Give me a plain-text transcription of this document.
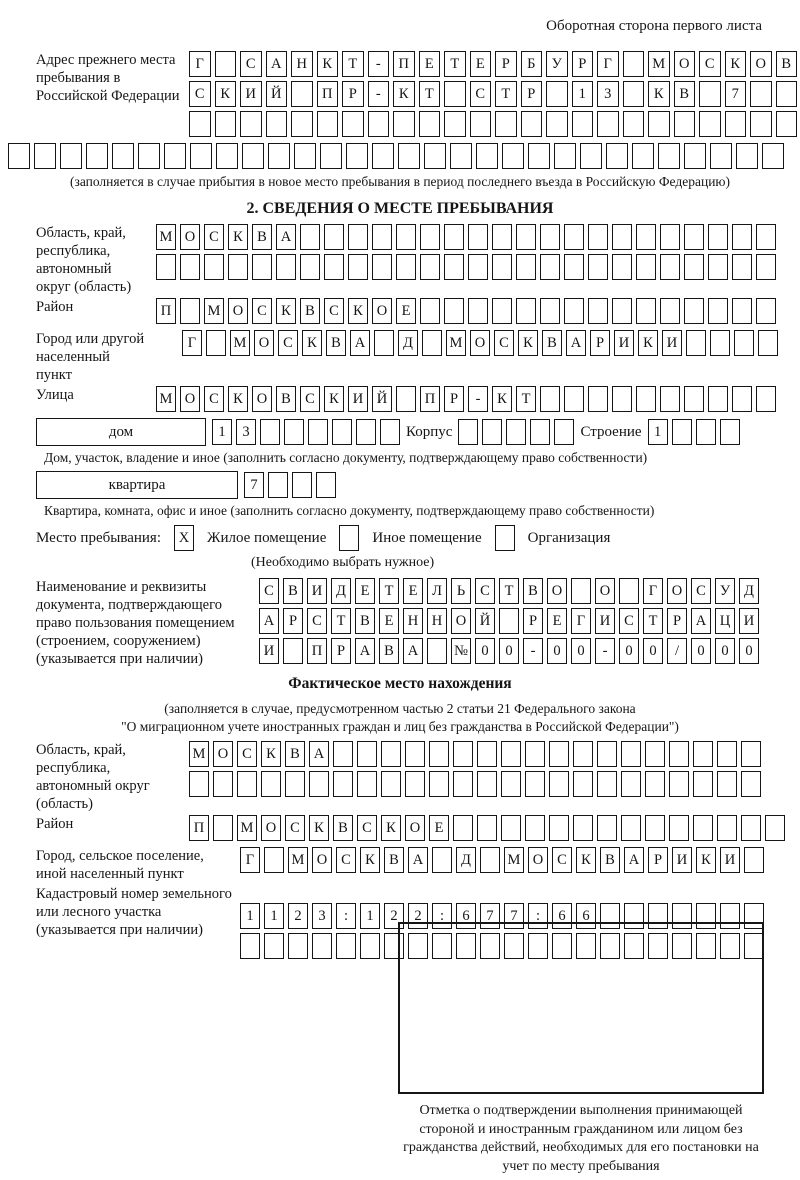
Оборотная сторона первого листа
Адрес прежнего места пребывания в Российской Федерации
Г	С	А	Н	К	Т	-	П	Е	Т	Е	Р	Б	У	Р	Г	М О	С	К	О	В
С	К	И	Й	П	Р	-	К	Т	С	Т	Р	1	3	К	В	7
(заполняется в случае прибытия в новое место пребывания в период последнего въезда в Российскую Федерацию)
2. СВЕДЕНИЯ О МЕСТЕ ПРЕБЫВАНИЯ
Область, край, республика, автономный округ (область)
М О С К В А
Район	П	М О С К В С К О Е
Город или другой населенный пункт
Г	М О С К В А	Д	М О С К В А	Р	И К И
Улица	М О С К О В С К И Й	П	Р	-	К	Т
дом	1	3	Корпус	Строение 1
Дом, участок, владение и иное (заполнить согласно документу, подтверждающему право собственности)
квартира	7
Квартира, комната, офис и иное (заполнить согласно документу, подтверждающему право собственности)
Место пребывания:	X	Жилое помещение	Иное помещение	Организация
(Необходимо выбрать нужное)
Наименование и реквизиты документа, подтверждающего право пользования помещением (строением, сооружением) (указывается при наличии)
С В И Д	Е	Т	Е	Л	Ь	С	Т	В О	О	Г	О С У Д
А	Р	С	Т	В	Е Н Н О Й	Р	Е	Г	И С	Т	Р	А Ц И
И	П	Р	А В А	№ 0	0	-	0	0	-	0	0	/	0	0	0
Фактическое место нахождения
(заполняется в случае, предусмотренном частью 2 статьи 21 Федерального закона
"О миграционном учете иностранных граждан и лиц без гражданства в Российской Федерации")
Область, край, республика, автономный округ (область)
М О С К В А
Район	П	М О С К В С К О Е
Город, сельское поселение, иной населенный пункт
Г	М О С К В А	Д	М О С К В А	Р	И К И
Кадастровый номер земельного или лесного участка (указывается при наличии)
1	1	2	3	:	1	2	2	:	6	7	7	:	6	6
Отметка о подтверждении выполнения принимающей стороной и иностранным гражданином или лицом без гражданства действий, необходимых для его постановки на учет по месту пребывания
